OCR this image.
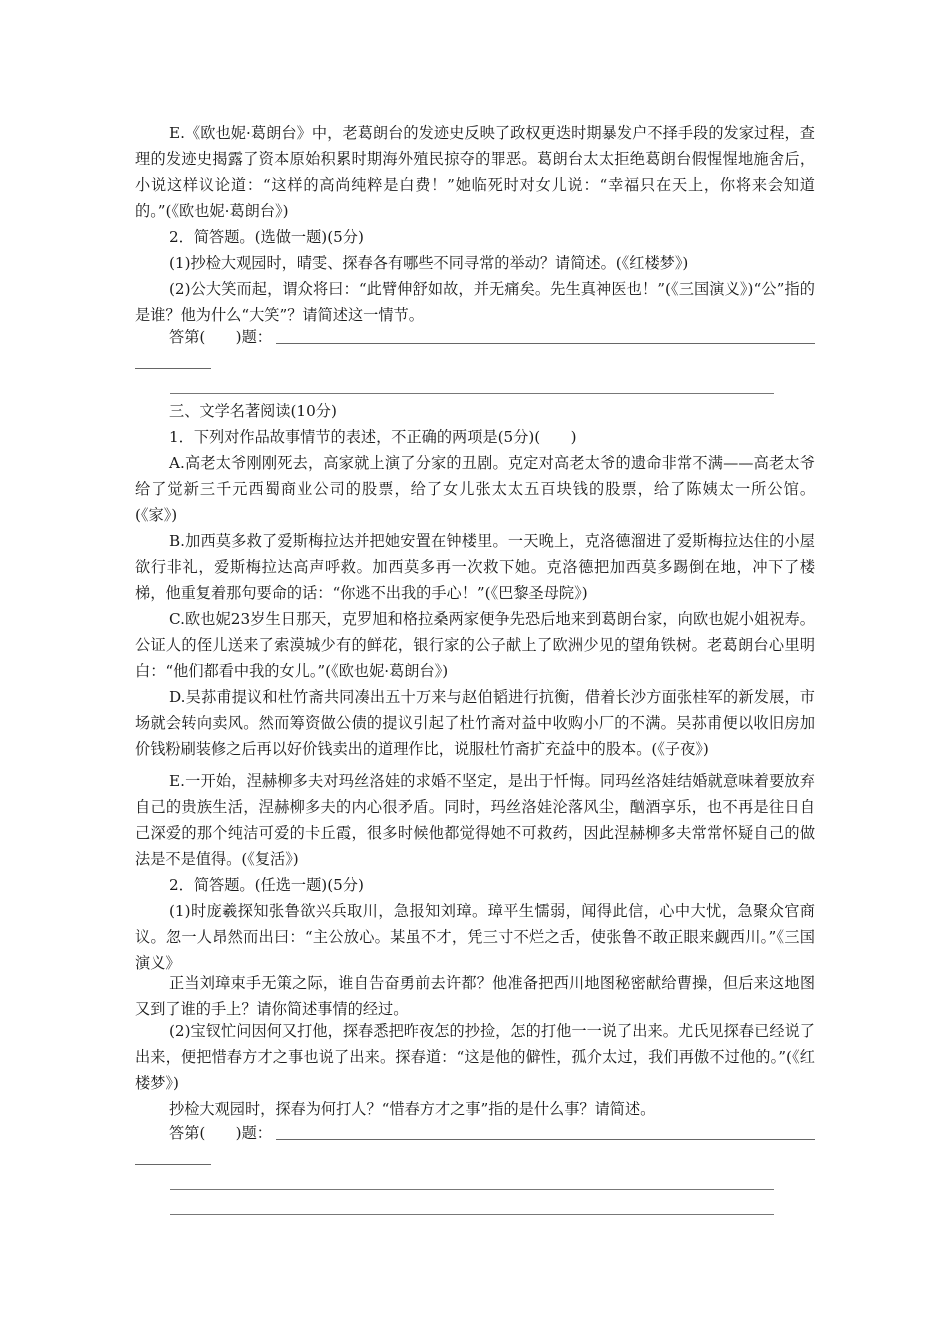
E.《欧也妮·葛朗台》中，老葛朗台的发迹史反映了政权更迭时期暴发户不择手段的发家过程，查理的发迹史揭露了资本原始积累时期海外殖民掠夺的罪恶。葛朗台太太拒绝葛朗台假惺惺地施舍后，小说这样议论道：“这样的高尚纯粹是白费！”她临死时对女儿说：“幸福只在天上，你将来会知道的。”(《欧也妮·葛朗台》)

2．简答题。(选做一题)(5分)

(1)抄检大观园时，晴雯、探春各有哪些不同寻常的举动？请简述。(《红楼梦》)

(2)公大笑而起，谓众将曰：“此臂伸舒如故，并无痛矣。先生真神医也！”(《三国演义》)“公”指的是谁？他为什么“大笑”？请简述这一情节。

答第(　　)题：

三、文学名著阅读(10分)

1．下列对作品故事情节的表述，不正确的两项是(5分)(　　)

A.高老太爷刚刚死去，高家就上演了分家的丑剧。克定对高老太爷的遗命非常不满——高老太爷给了觉新三千元西蜀商业公司的股票，给了女儿张太太五百块钱的股票，给了陈姨太一所公馆。(《家》)

B.加西莫多救了爱斯梅拉达并把她安置在钟楼里。一天晚上，克洛德溜进了爱斯梅拉达住的小屋欲行非礼，爱斯梅拉达高声呼救。加西莫多再一次救下她。克洛德把加西莫多踢倒在地，冲下了楼梯，他重复着那句要命的话：“你逃不出我的手心！”(《巴黎圣母院》)

C.欧也妮23岁生日那天，克罗旭和格拉桑两家便争先恐后地来到葛朗台家，向欧也妮小姐祝寿。公证人的侄儿送来了索漠城少有的鲜花，银行家的公子献上了欧洲少见的望角铁树。老葛朗台心里明白：“他们都看中我的女儿。”(《欧也妮·葛朗台》)

D.吴荪甫提议和杜竹斋共同凑出五十万来与赵伯韬进行抗衡，借着长沙方面张桂军的新发展，市场就会转向卖风。然而筹资做公债的提议引起了杜竹斋对益中收购小厂的不满。吴荪甫便以收旧房加价钱粉刷装修之后再以好价钱卖出的道理作比，说服杜竹斋扩充益中的股本。(《子夜》)

E.一开始，涅赫柳多夫对玛丝洛娃的求婚不坚定，是出于忏悔。同玛丝洛娃结婚就意味着要放弃自己的贵族生活，涅赫柳多夫的内心很矛盾。同时，玛丝洛娃沦落风尘，酗酒享乐，也不再是往日自己深爱的那个纯洁可爱的卡丘霞，很多时候他都觉得她不可救药，因此涅赫柳多夫常常怀疑自己的做法是不是值得。(《复活》)

2．简答题。(任选一题)(5分)

(1)时庞羲探知张鲁欲兴兵取川，急报知刘璋。璋平生懦弱，闻得此信，心中大忧，急聚众官商议。忽一人昂然而出曰：“主公放心。某虽不才，凭三寸不烂之舌，使张鲁不敢正眼来觑西川。”《三国演义》

正当刘璋束手无策之际，谁自告奋勇前去许都？他准备把西川地图秘密献给曹操，但后来这地图又到了谁的手上？请你简述事情的经过。

(2)宝钗忙问因何又打他，探春悉把昨夜怎的抄捡，怎的打他一一说了出来。尤氏见探春已经说了出来，便把惜春方才之事也说了出来。探春道：“这是他的僻性，孤介太过，我们再傲不过他的。”(《红楼梦》)

抄检大观园时，探春为何打人？“惜春方才之事”指的是什么事？请简述。

答第(　　)题：
